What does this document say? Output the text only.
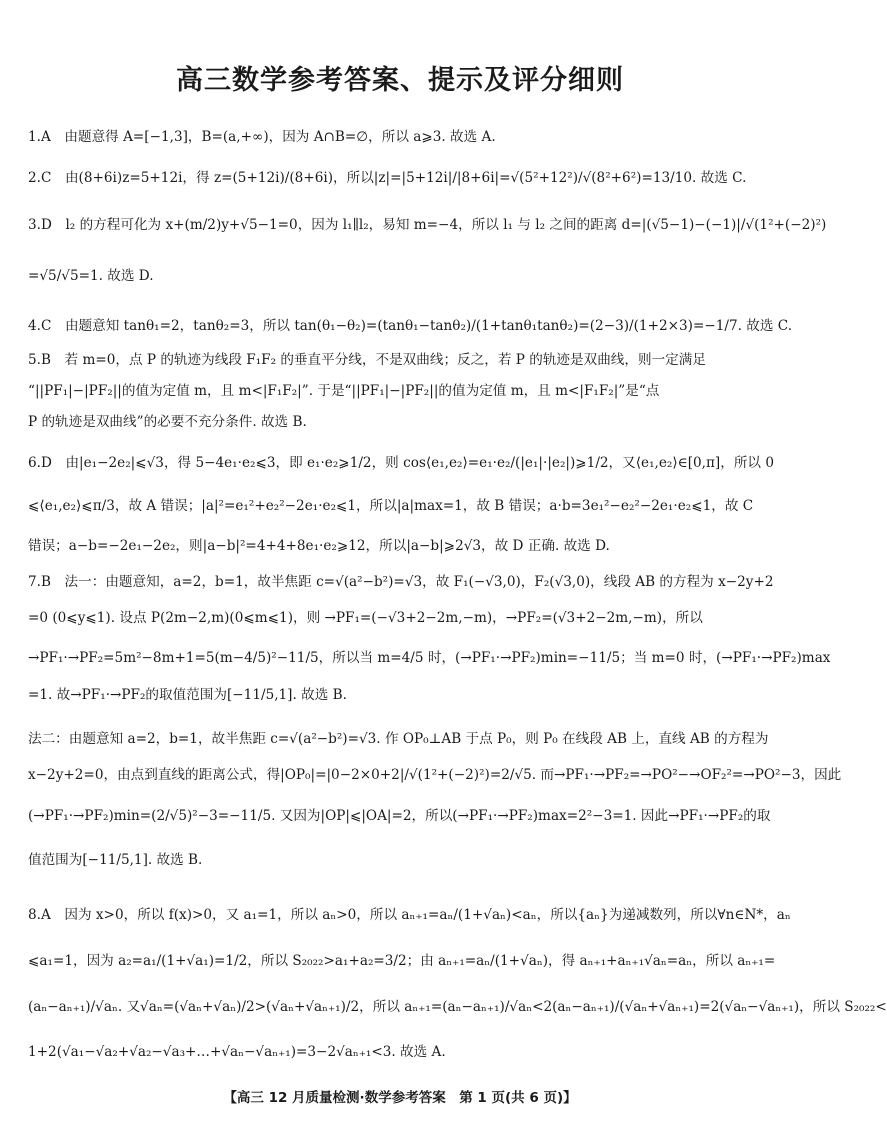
高三数学参考答案、提示及评分细则
1.A　由题意得 A=[−1,3]，B=(a,+∞)，因为 A∩B=∅，所以 a⩾3. 故选 A.
2.C　由(8+6i)z=5+12i，得 z=(5+12i)/(8+6i)，所以|z|=|5+12i|/|8+6i|=√(5²+12²)/√(8²+6²)=13/10. 故选 C.
3.D　l₂ 的方程可化为 x+(m/2)y+√5−1=0，因为 l₁∥l₂，易知 m=−4，所以 l₁ 与 l₂ 之间的距离 d=|(√5−1)−(−1)|/√(1²+(−2)²)
=√5/√5=1. 故选 D.
4.C　由题意知 tanθ₁=2，tanθ₂=3，所以 tan(θ₁−θ₂)=(tanθ₁−tanθ₂)/(1+tanθ₁tanθ₂)=(2−3)/(1+2×3)=−1/7. 故选 C.
5.B　若 m=0，点 P 的轨迹为线段 F₁F₂ 的垂直平分线，不是双曲线；反之，若 P 的轨迹是双曲线，则一定满足
“||PF₁|−|PF₂||的值为定值 m，且 m<|F₁F₂|”. 于是“||PF₁|−|PF₂||的值为定值 m，且 m<|F₁F₂|”是“点
P 的轨迹是双曲线”的必要不充分条件. 故选 B.
6.D　由|e₁−2e₂|⩽√3，得 5−4e₁·e₂⩽3，即 e₁·e₂⩾1/2，则 cos⟨e₁,e₂⟩=e₁·e₂/(|e₁|·|e₂|)⩾1/2，又⟨e₁,e₂⟩∈[0,π]，所以 0
⩽⟨e₁,e₂⟩⩽π/3，故 A 错误；|a|²=e₁²+e₂²−2e₁·e₂⩽1，所以|a|max=1，故 B 错误；a·b=3e₁²−e₂²−2e₁·e₂⩽1，故 C
错误；a−b=−2e₁−2e₂，则|a−b|²=4+4+8e₁·e₂⩾12，所以|a−b|⩾2√3，故 D 正确. 故选 D.
7.B　法一：由题意知，a=2，b=1，故半焦距 c=√(a²−b²)=√3，故 F₁(−√3,0)，F₂(√3,0)，线段 AB 的方程为 x−2y+2
=0 (0⩽y⩽1). 设点 P(2m−2,m)(0⩽m⩽1)，则 →PF₁=(−√3+2−2m,−m)，→PF₂=(√3+2−2m,−m)，所以
→PF₁·→PF₂=5m²−8m+1=5(m−4/5)²−11/5，所以当 m=4/5 时，(→PF₁·→PF₂)min=−11/5；当 m=0 时，(→PF₁·→PF₂)max
=1. 故→PF₁·→PF₂的取值范围为[−11/5,1]. 故选 B.
法二：由题意知 a=2，b=1，故半焦距 c=√(a²−b²)=√3. 作 OP₀⊥AB 于点 P₀，则 P₀ 在线段 AB 上，直线 AB 的方程为
x−2y+2=0，由点到直线的距离公式，得|OP₀|=|0−2×0+2|/√(1²+(−2)²)=2/√5. 而→PF₁·→PF₂=→PO²−→OF₂²=→PO²−3，因此
(→PF₁·→PF₂)min=(2/√5)²−3=−11/5. 又因为|OP|⩽|OA|=2，所以(→PF₁·→PF₂)max=2²−3=1. 因此→PF₁·→PF₂的取
值范围为[−11/5,1]. 故选 B.
8.A　因为 x>0，所以 f(x)>0，又 a₁=1，所以 aₙ>0，所以 aₙ₊₁=aₙ/(1+√aₙ)<aₙ，所以{aₙ}为递减数列，所以∀n∈N*，aₙ
⩽a₁=1，因为 a₂=a₁/(1+√a₁)=1/2，所以 S₂₀₂₂>a₁+a₂=3/2；由 aₙ₊₁=aₙ/(1+√aₙ)，得 aₙ₊₁+aₙ₊₁√aₙ=aₙ，所以 aₙ₊₁=
(aₙ−aₙ₊₁)/√aₙ. 又√aₙ=(√aₙ+√aₙ)/2>(√aₙ+√aₙ₊₁)/2，所以 aₙ₊₁=(aₙ−aₙ₊₁)/√aₙ<2(aₙ−aₙ₊₁)/(√aₙ+√aₙ₊₁)=2(√aₙ−√aₙ₊₁)，所以 S₂₀₂₂<
1+2(√a₁−√a₂+√a₂−√a₃+…+√aₙ−√aₙ₊₁)=3−2√aₙ₊₁<3. 故选 A.
【高三 12 月质量检测·数学参考答案　第 1 页(共 6 页)】
